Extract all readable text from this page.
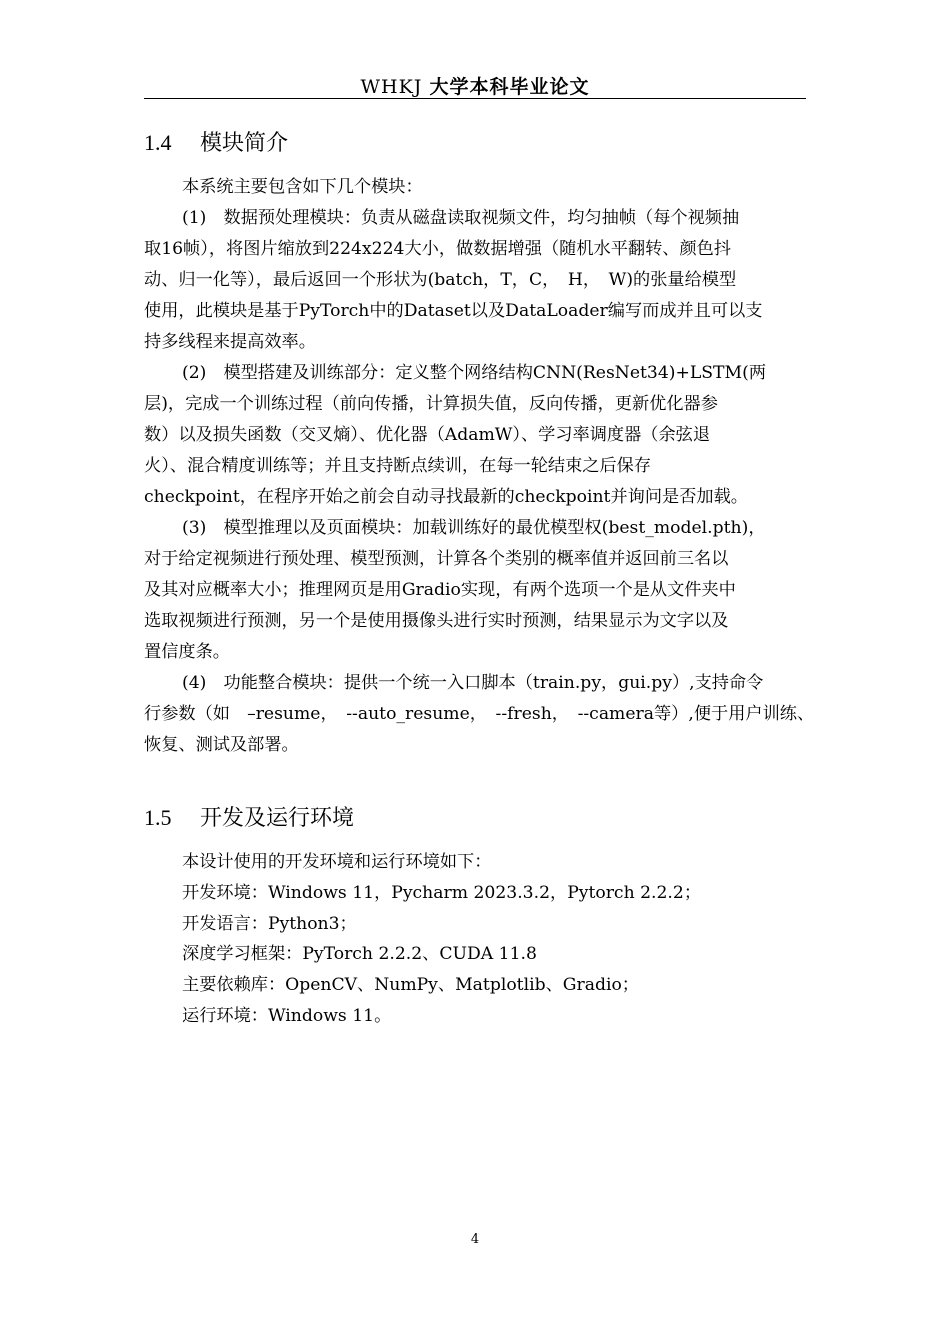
WHKJ 大学本科毕业论文
1.4 模块简介

本系统主要包含如下几个模块：

(1)　数据预处理模块：负责从磁盘读取视频文件，均匀抽帧（每个视频抽
取16帧），将图片缩放到224x224大小，做数据增强（随机水平翻转、颜色抖
动、归一化等），最后返回一个形状为(batch，T，C，　H，　W)的张量给模型
使用，此模块是基于PyTorch中的Dataset以及DataLoader编写而成并且可以支
持多线程来提高效率。

(2)　模型搭建及训练部分：定义整个网络结构CNN(ResNet34)+LSTM(两
层)，完成一个训练过程（前向传播，计算损失值，反向传播，更新优化器参
数）以及损失函数（交叉熵）、优化器（AdamW）、学习率调度器（余弦退
火）、混合精度训练等；并且支持断点续训，在每一轮结束之后保存
checkpoint，在程序开始之前会自动寻找最新的checkpoint并询问是否加载。

(3)　模型推理以及页面模块：加载训练好的最优模型权(best_model.pth)，
对于给定视频进行预处理、模型预测，计算各个类别的概率值并返回前三名以
及其对应概率大小；推理网页是用Gradio实现，有两个选项一个是从文件夹中
选取视频进行预测，另一个是使用摄像头进行实时预测，结果显示为文字以及
置信度条。

(4)　功能整合模块：提供一个统一入口脚本（train.py，gui.py）,支持命令
行参数（如　–resume，　--auto_resume，　--fresh，　--camera等）,便于用户训练、
恢复、测试及部署。

1.5 开发及运行环境

本设计使用的开发环境和运行环境如下：
开发环境：Windows 11，Pycharm 2023.3.2，Pytorch 2.2.2；
开发语言：Python3；
深度学习框架：PyTorch 2.2.2、CUDA 11.8
主要依赖库：OpenCV、NumPy、Matplotlib、Gradio；
运行环境：Windows 11。

4
